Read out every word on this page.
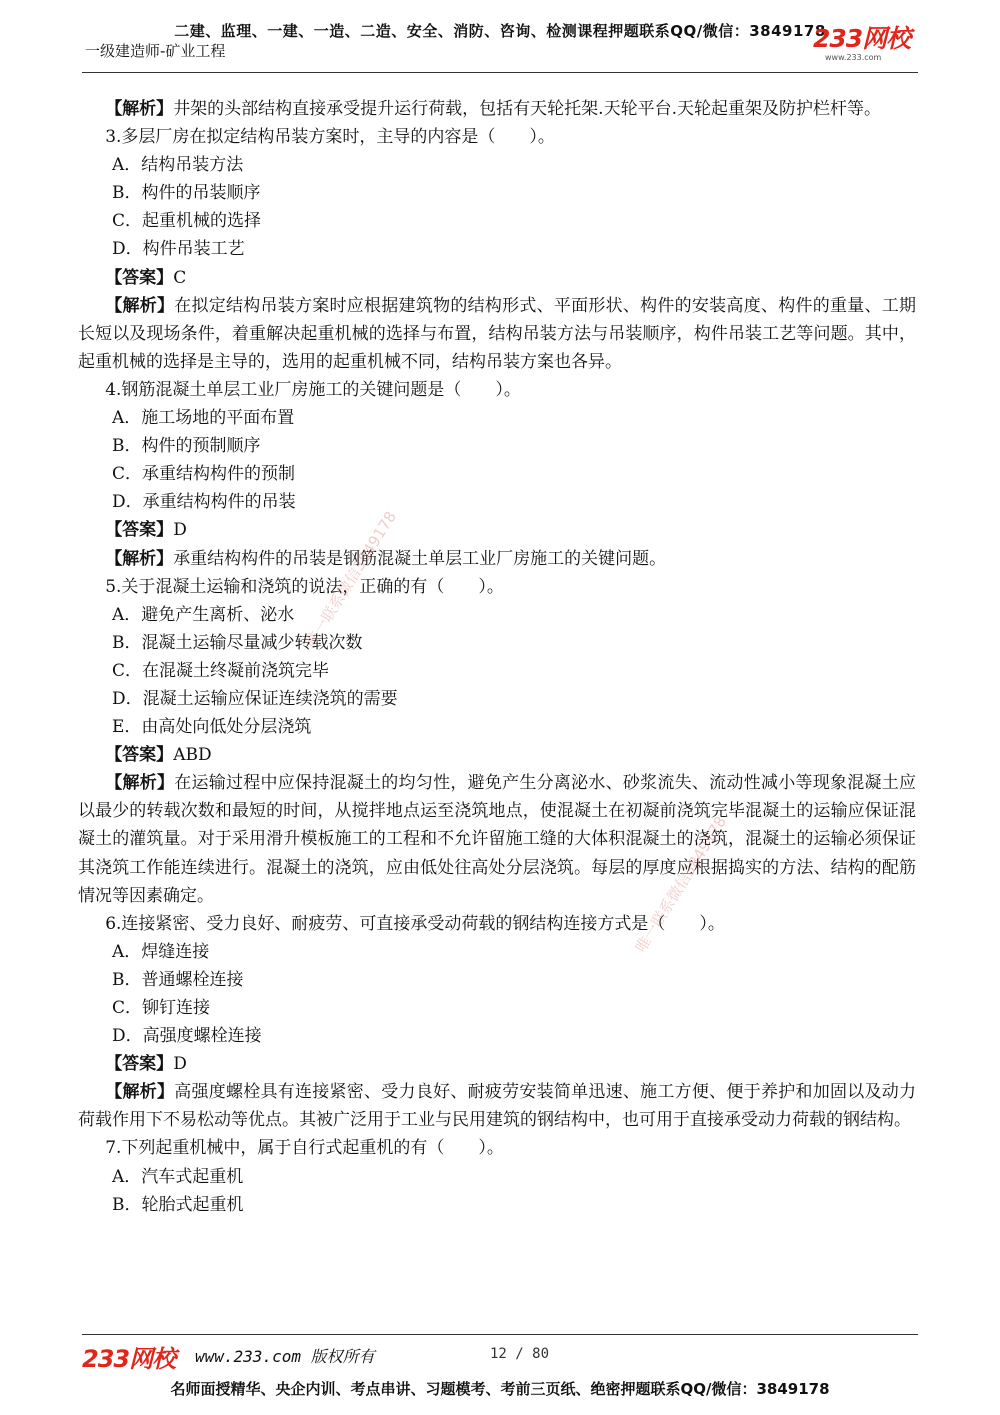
二建、监理、一建、一造、二造、安全、消防、咨询、检测课程押题联系QQ/微信：3849178
一级建造师-矿业工程	233网校
www.233.com

【解析】井架的头部结构直接承受提升运行荷载，包括有天轮托架.天轮平台.天轮起重架及防护栏杆等。

3.多层厂房在拟定结构吊装方案时，主导的内容是（　　）。

A．结构吊装方法

B．构件的吊装顺序

C．起重机械的选择

D．构件吊装工艺

【答案】C

【解析】在拟定结构吊装方案时应根据建筑物的结构形式、平面形状、构件的安装高度、构件的重量、工期长短以及现场条件，着重解决起重机械的选择与布置，结构吊装方法与吊装顺序，构件吊装工艺等问题。其中，起重机械的选择是主导的，选用的起重机械不同，结构吊装方案也各异。

4.钢筋混凝土单层工业厂房施工的关键问题是（　　）。

A．施工场地的平面布置

B．构件的预制顺序

C．承重结构构件的预制

D．承重结构构件的吊装

【答案】D

【解析】承重结构构件的吊装是钢筋混凝土单层工业厂房施工的关键问题。

5.关于混凝土运输和浇筑的说法，正确的有（　　）。

A．避免产生离析、泌水

B．混凝土运输尽量减少转载次数

C．在混凝土终凝前浇筑完毕

D．混凝土运输应保证连续浇筑的需要

E．由高处向低处分层浇筑

【答案】ABD

【解析】在运输过程中应保持混凝土的均匀性，避免产生分离泌水、砂浆流失、流动性减小等现象混凝土应以最少的转载次数和最短的时间，从搅拌地点运至浇筑地点，使混凝土在初凝前浇筑完毕混凝土的运输应保证混凝土的灌筑量。对于采用滑升模板施工的工程和不允许留施工缝的大体积混凝土的浇筑，混凝土的运输必须保证其浇筑工作能连续进行。混凝土的浇筑，应由低处往高处分层浇筑。每层的厚度应根据捣实的方法、结构的配筋情况等因素确定。

6.连接紧密、受力良好、耐疲劳、可直接承受动荷载的钢结构连接方式是（　　）。

A．焊缝连接

B．普通螺栓连接

C．铆钉连接

D．高强度螺栓连接

【答案】D

【解析】高强度螺栓具有连接紧密、受力良好、耐疲劳安装简单迅速、施工方便、便于养护和加固以及动力荷载作用下不易松动等优点。其被广泛用于工业与民用建筑的钢结构中，也可用于直接承受动力荷载的钢结构。

7.下列起重机械中，属于自行式起重机的有（　　）。

A．汽车式起重机

B．轮胎式起重机

唯一联系微信3849178
唯一联系微信3849178
233网校 www.233.com 版权所有	12 / 80
名师面授精华、央企内训、考点串讲、习题模考、考前三页纸、绝密押题联系QQ/微信：3849178
